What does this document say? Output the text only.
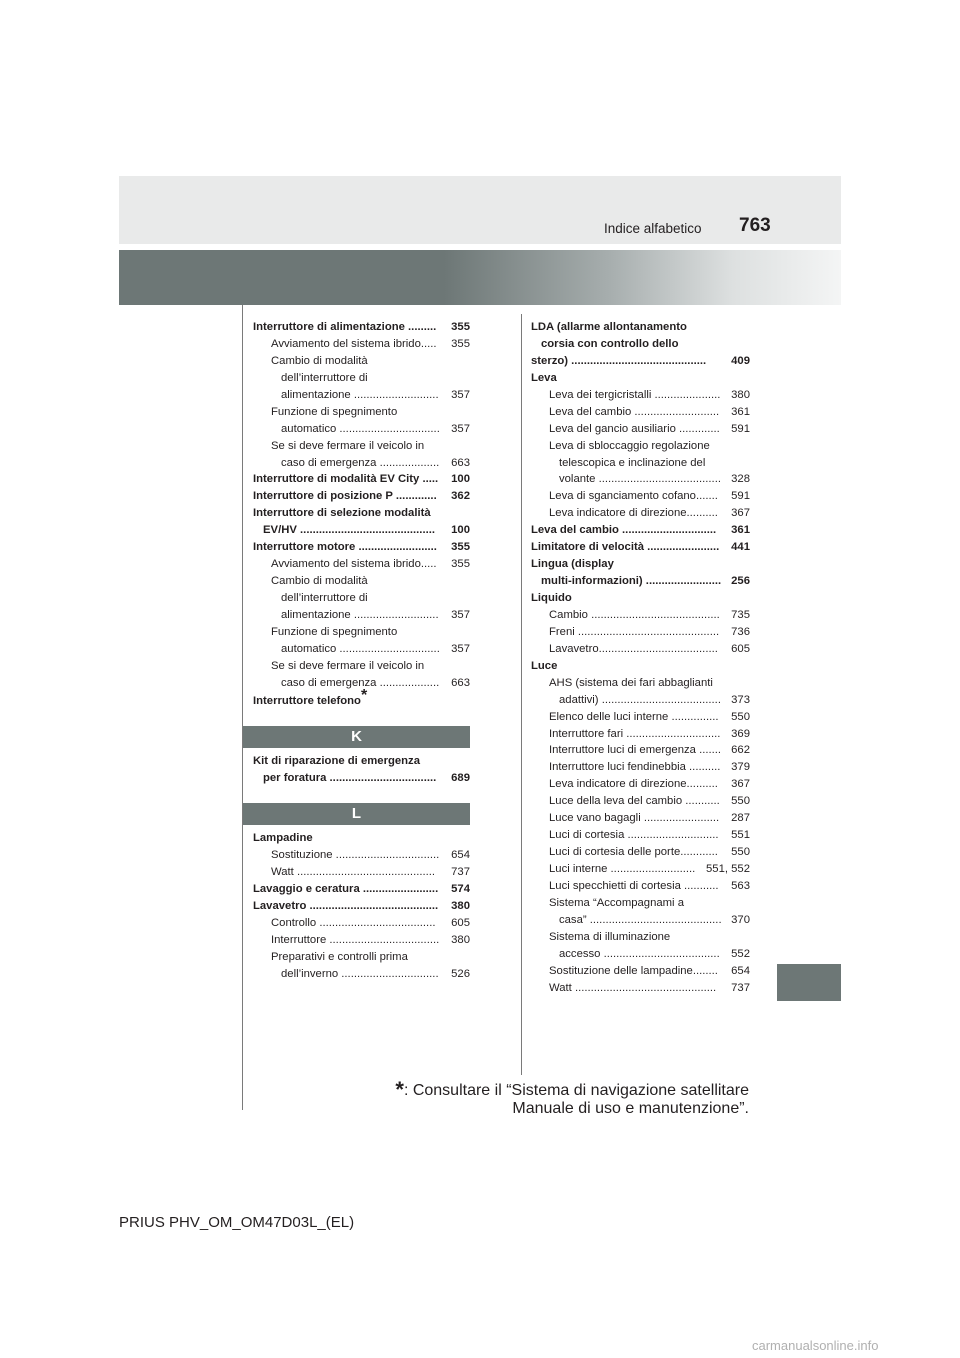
Indice alfabetico 763
Interruttore di alimentazione ......... 355
Avviamento del sistema ibrido..... 355
Cambio di modalità
dell’interruttore di
alimentazione ........................... 357
Funzione di spegnimento
automatico ................................ 357
Se si deve fermare il veicolo in
caso di emergenza ................... 663
Interruttore di modalità EV City ..... 100
Interruttore di posizione P ............. 362
Interruttore di selezione modalità
EV/HV ........................................... 100
Interruttore motore ......................... 355
Avviamento del sistema ibrido..... 355
Cambio di modalità
dell’interruttore di
alimentazione ........................... 357
Funzione di spegnimento
automatico ................................ 357
Se si deve fermare il veicolo in
caso di emergenza ................... 663
Interruttore telefono*
K
Kit di riparazione di emergenza
per foratura .................................. 689
L
Lampadine
Sostituzione ................................. 654
Watt ............................................ 737
Lavaggio e ceratura ........................ 574
Lavavetro ......................................... 380
Controllo ..................................... 605
Interruttore ................................... 380
Preparativi e controlli prima
dell’inverno ............................... 526
LDA (allarme allontanamento
corsia con controllo dello
sterzo) ........................................... 409
Leva
Leva dei tergicristalli ..................... 380
Leva del cambio ........................... 361
Leva del gancio ausiliario ............. 591
Leva di sbloccaggio regolazione
telescopica e inclinazione del
volante ....................................... 328
Leva di sganciamento cofano....... 591
Leva indicatore di direzione.......... 367
Leva del cambio .............................. 361
Limitatore di velocità ....................... 441
Lingua (display
multi-informazioni) ........................ 256
Liquido
Cambio ......................................... 735
Freni ............................................. 736
Lavavetro...................................... 605
Luce
AHS (sistema dei fari abbaglianti
adattivi) ...................................... 373
Elenco delle luci interne ............... 550
Interruttore fari .............................. 369
Interruttore luci di emergenza ....... 662
Interruttore luci fendinebbia .......... 379
Leva indicatore di direzione.......... 367
Luce della leva del cambio ........... 550
Luce vano bagagli ........................ 287
Luci di cortesia ............................. 551
Luci di cortesia delle porte............ 550
Luci interne ........................... 551, 552
Luci specchietti di cortesia ........... 563
Sistema “Accompagnami a
casa” .......................................... 370
Sistema di illuminazione
accesso ..................................... 552
Sostituzione delle lampadine........ 654
Watt ............................................. 737
*: Consultare il “Sistema di navigazione satellitare
Manuale di uso e manutenzione”.
PRIUS PHV_OM_OM47D03L_(EL)
carmanualsonline.info
